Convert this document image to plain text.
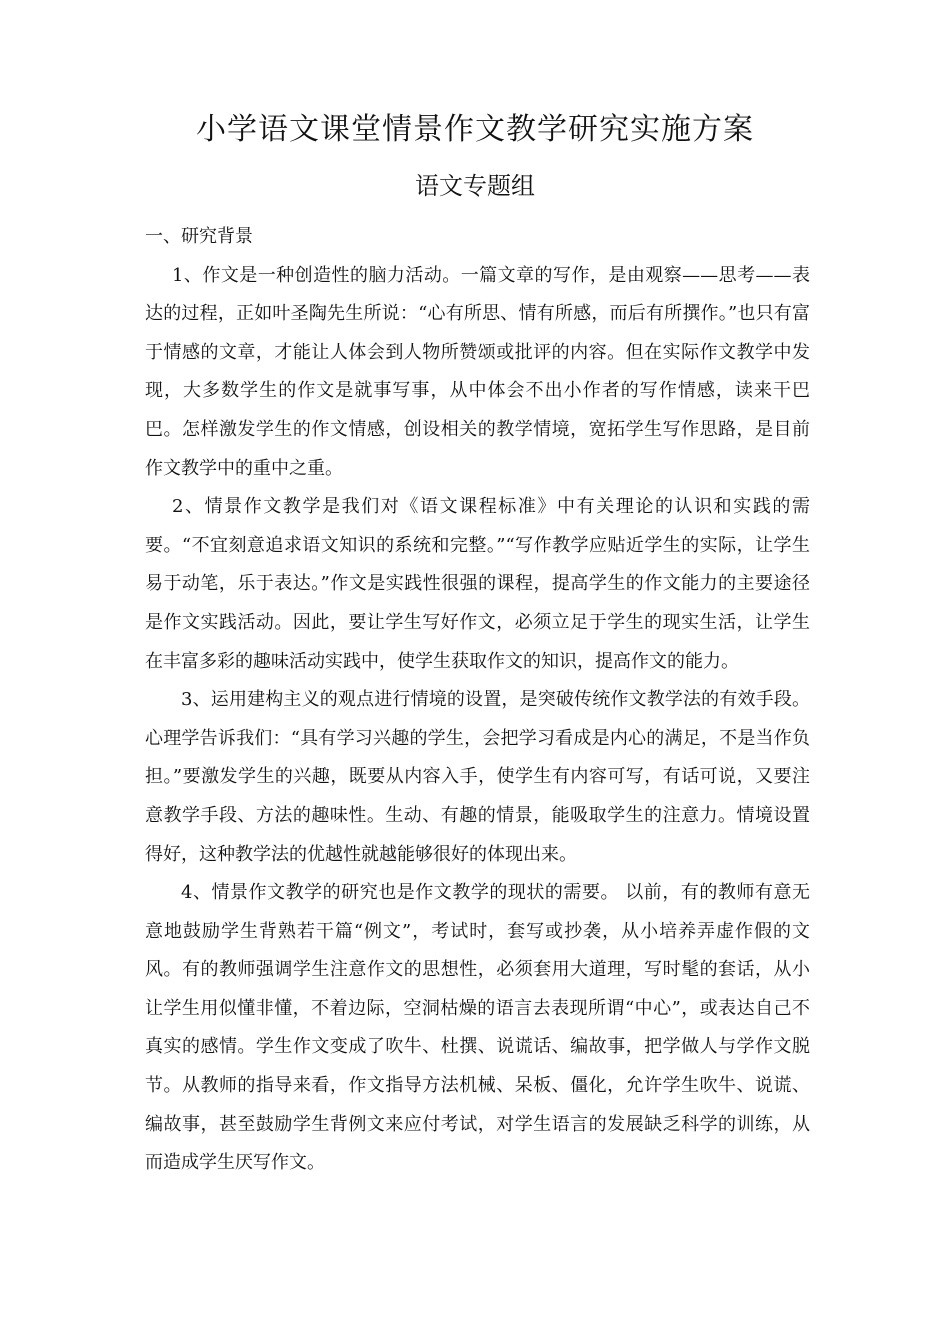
小学语文课堂情景作文教学研究实施方案
语文专题组

一、研究背景

1、作文是一种创造性的脑力活动。一篇文章的写作，是由观察——思考——表达的过程，正如叶圣陶先生所说：“心有所思、情有所感，而后有所撰作。”也只有富于情感的文章，才能让人体会到人物所赞颂或批评的内容。但在实际作文教学中发现，大多数学生的作文是就事写事，从中体会不出小作者的写作情感，读来干巴巴。怎样激发学生的作文情感，创设相关的教学情境，宽拓学生写作思路，是目前作文教学中的重中之重。

2、情景作文教学是我们对《语文课程标准》中有关理论的认识和实践的需要。“不宜刻意追求语文知识的系统和完整。”“写作教学应贴近学生的实际，让学生易于动笔，乐于表达。”作文是实践性很强的课程，提高学生的作文能力的主要途径是作文实践活动。因此，要让学生写好作文，必须立足于学生的现实生活，让学生在丰富多彩的趣味活动实践中，使学生获取作文的知识，提高作文的能力。

3、运用建构主义的观点进行情境的设置，是突破传统作文教学法的有效手段。心理学告诉我们：“具有学习兴趣的学生，会把学习看成是内心的满足，不是当作负担。”要激发学生的兴趣，既要从内容入手，使学生有内容可写，有话可说，又要注意教学手段、方法的趣味性。生动、有趣的情景，能吸取学生的注意力。情境设置得好，这种教学法的优越性就越能够很好的体现出来。

4、情景作文教学的研究也是作文教学的现状的需要。 以前，有的教师有意无意地鼓励学生背熟若干篇“例文”，考试时，套写或抄袭，从小培养弄虚作假的文风。有的教师强调学生注意作文的思想性，必须套用大道理，写时髦的套话，从小让学生用似懂非懂，不着边际，空洞枯燥的语言去表现所谓“中心”，或表达自己不真实的感情。学生作文变成了吹牛、杜撰、说谎话、编故事，把学做人与学作文脱节。从教师的指导来看，作文指导方法机械、呆板、僵化，允许学生吹牛、说谎、编故事，甚至鼓励学生背例文来应付考试，对学生语言的发展缺乏科学的训练，从而造成学生厌写作文。
